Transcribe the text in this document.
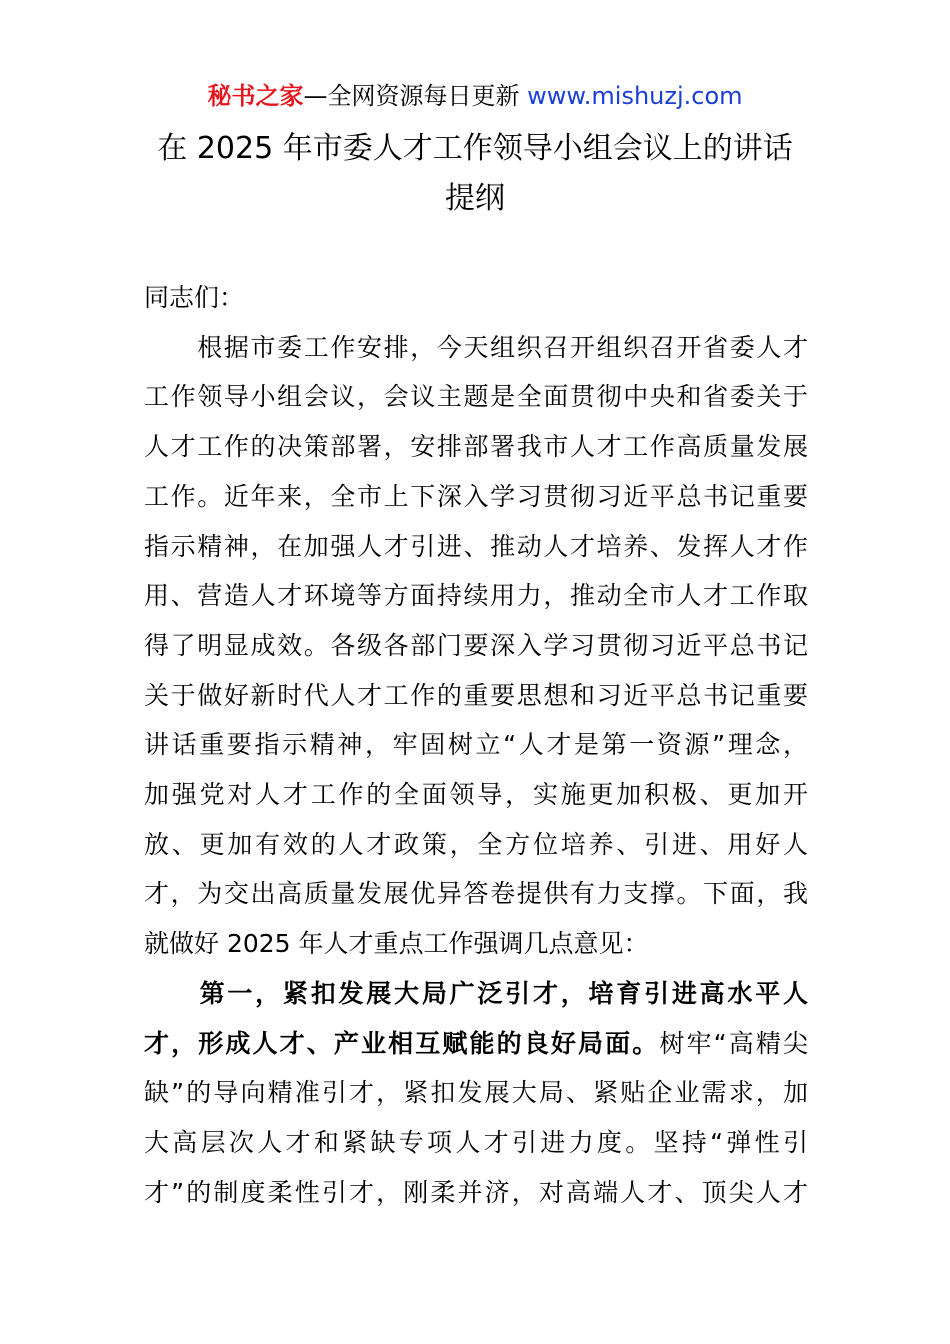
秘书之家—全网资源每日更新 www.mishuzj.com
在 2025 年市委人才工作领导小组会议上的讲话
提纲

同志们：

　　根据市委工作安排，今天组织召开组织召开省委人才
工作领导小组会议，会议主题是全面贯彻中央和省委关于
人才工作的决策部署，安排部署我市人才工作高质量发展
工作。近年来，全市上下深入学习贯彻习近平总书记重要
指示精神，在加强人才引进、推动人才培养、发挥人才作
用、营造人才环境等方面持续用力，推动全市人才工作取
得了明显成效。各级各部门要深入学习贯彻习近平总书记
关于做好新时代人才工作的重要思想和习近平总书记重要
讲话重要指示精神，牢固树立“人才是第一资源”理念，
加强党对人才工作的全面领导，实施更加积极、更加开
放、更加有效的人才政策，全方位培养、引进、用好人
才，为交出高质量发展优异答卷提供有力支撑。下面，我
就做好 2025 年人才重点工作强调几点意见：

　　第一，紧扣发展大局广泛引才，培育引进高水平人
才，形成人才、产业相互赋能的良好局面。树牢“高精尖
缺”的导向精准引才，紧扣发展大局、紧贴企业需求，加
大高层次人才和紧缺专项人才引进力度。坚持“弹性引
才”的制度柔性引才，刚柔并济，对高端人才、顶尖人才
